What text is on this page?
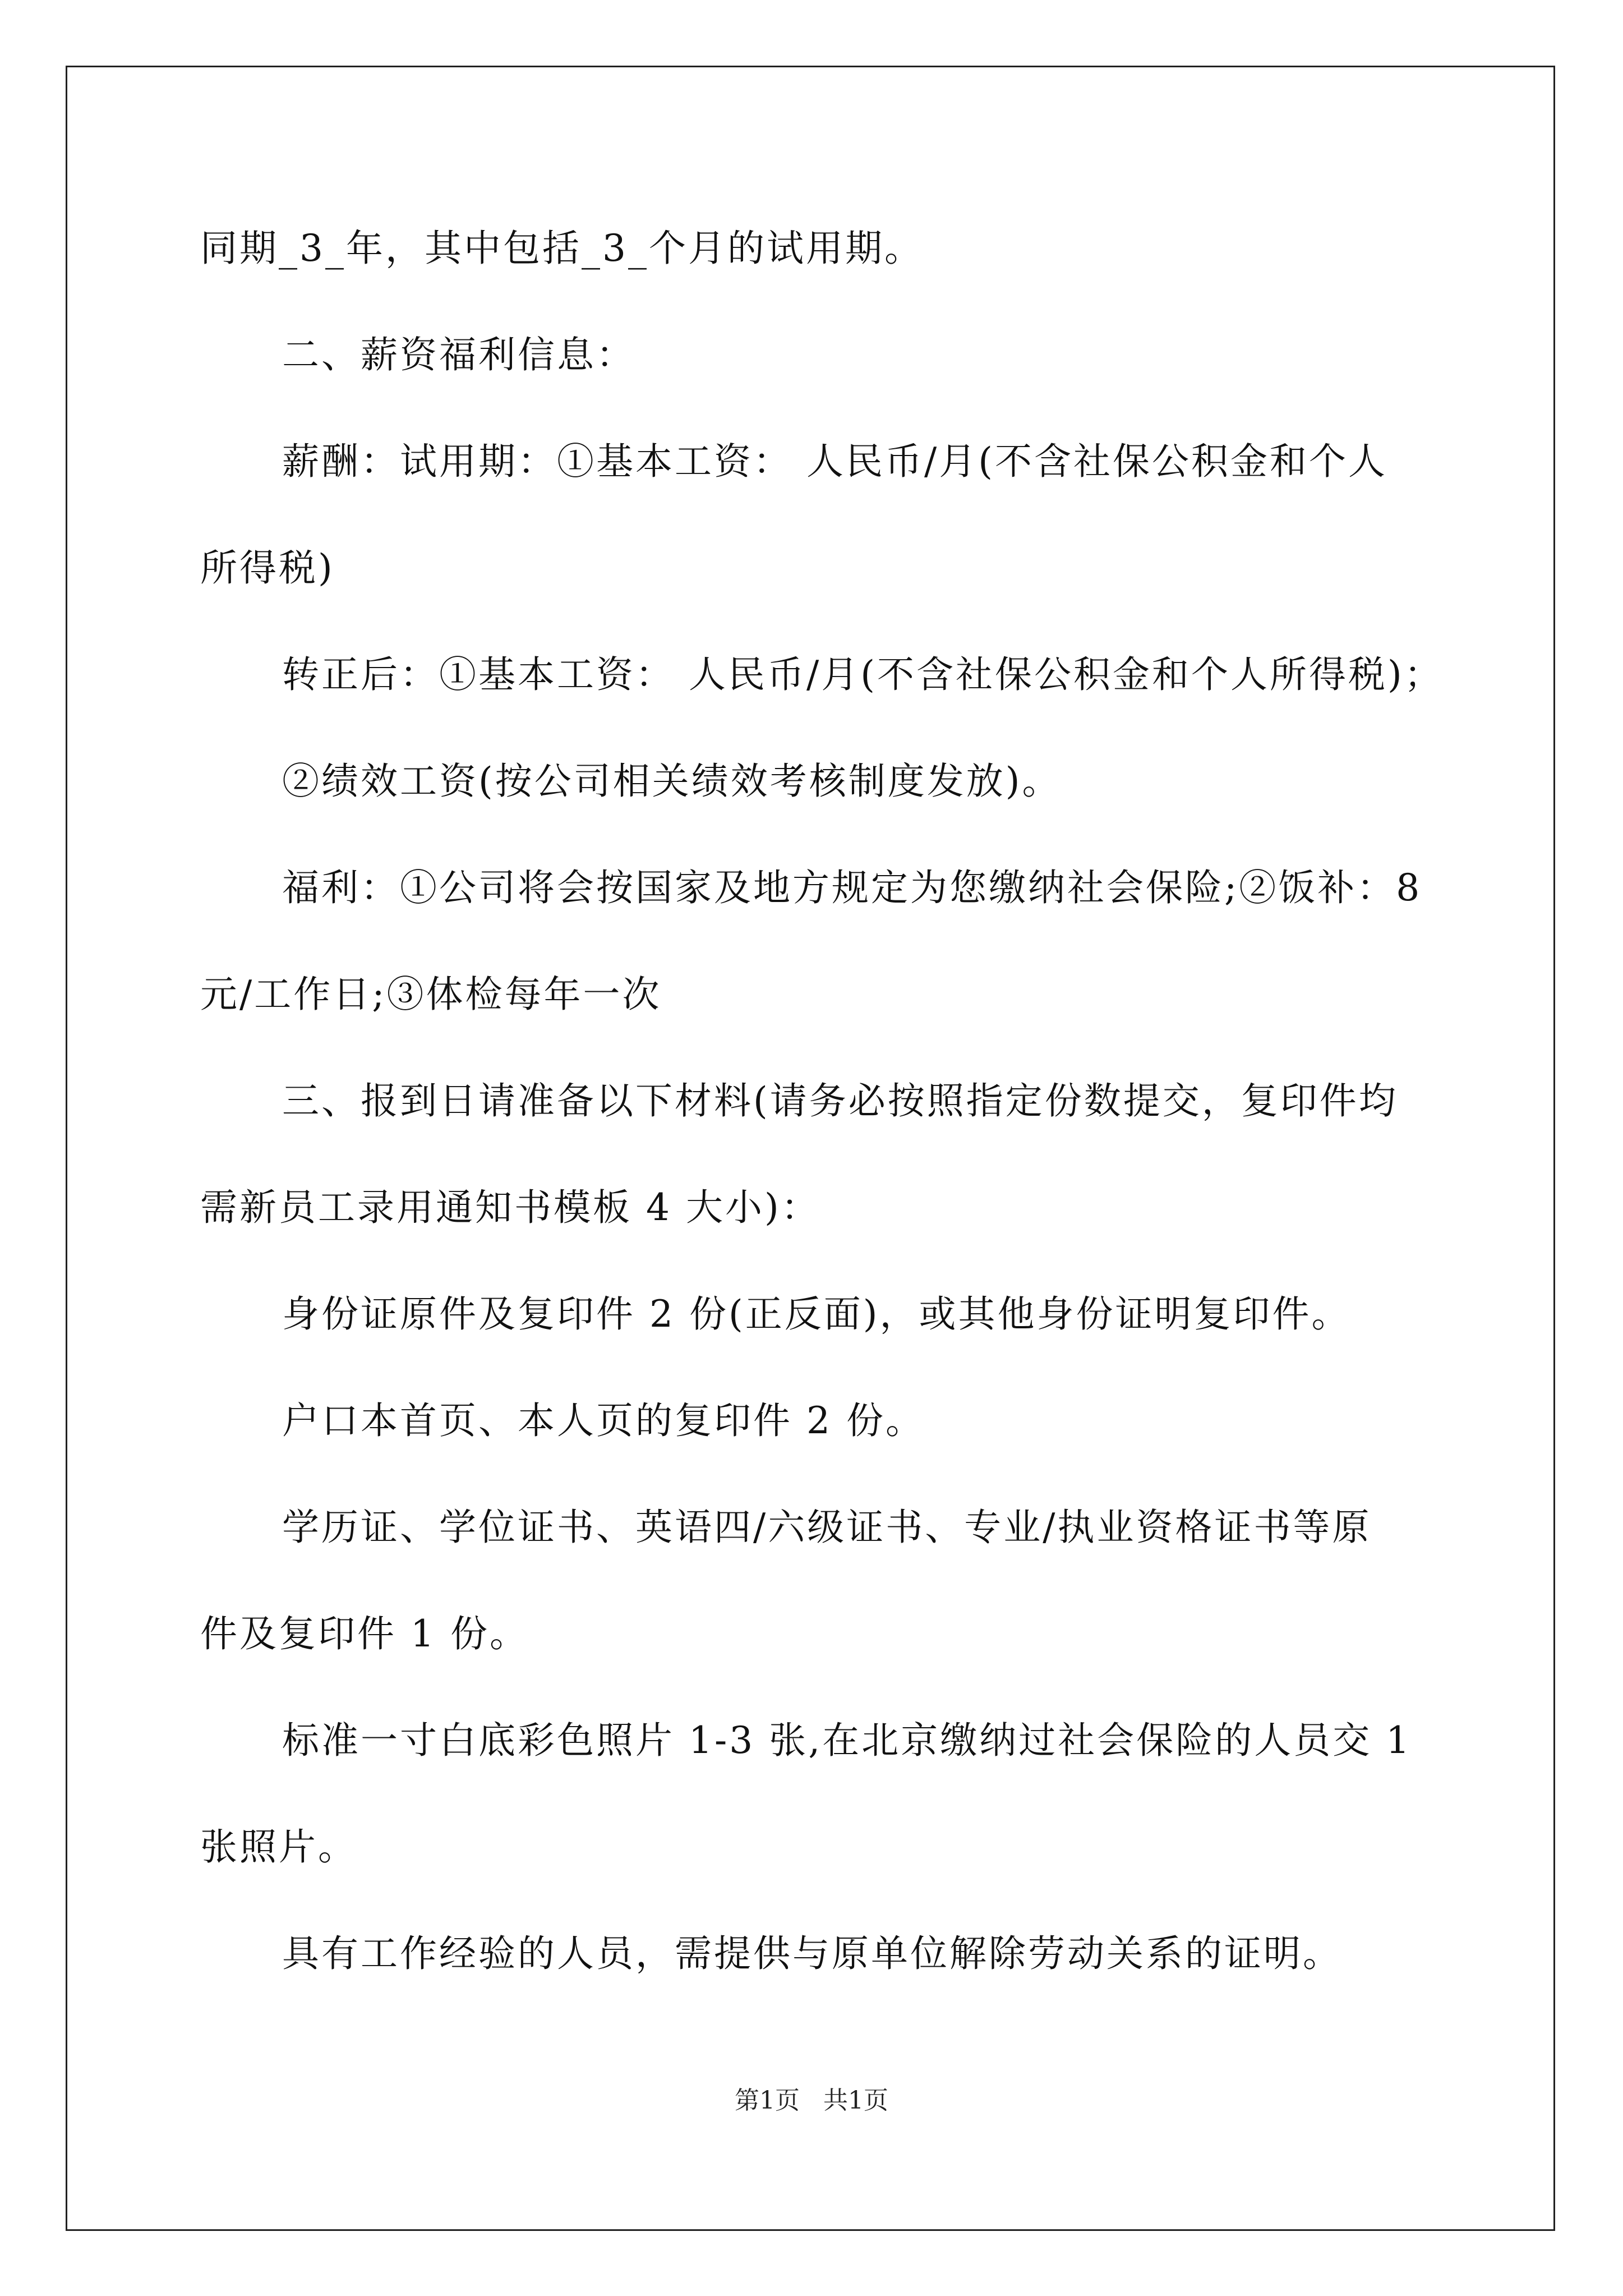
同期_3_年，其中包括_3_个月的试用期。
二、薪资福利信息：
薪酬：试用期：①基本工资： 人民币/月(不含社保公积金和个人
所得税)
转正后：①基本工资： 人民币/月(不含社保公积金和个人所得税)；
②绩效工资(按公司相关绩效考核制度发放)。
福利：①公司将会按国家及地方规定为您缴纳社会保险;②饭补：8
元/工作日;③体检每年一次
三、报到日请准备以下材料(请务必按照指定份数提交，复印件均
需新员工录用通知书模板 4 大小)：
身份证原件及复印件 2 份(正反面)，或其他身份证明复印件。
户口本首页、本人页的复印件 2 份。
学历证、学位证书、英语四/六级证书、专业/执业资格证书等原
件及复印件 1 份。
标准一寸白底彩色照片 1-3 张,在北京缴纳过社会保险的人员交 1
张照片。
具有工作经验的人员，需提供与原单位解除劳动关系的证明。
第1页   共1页
